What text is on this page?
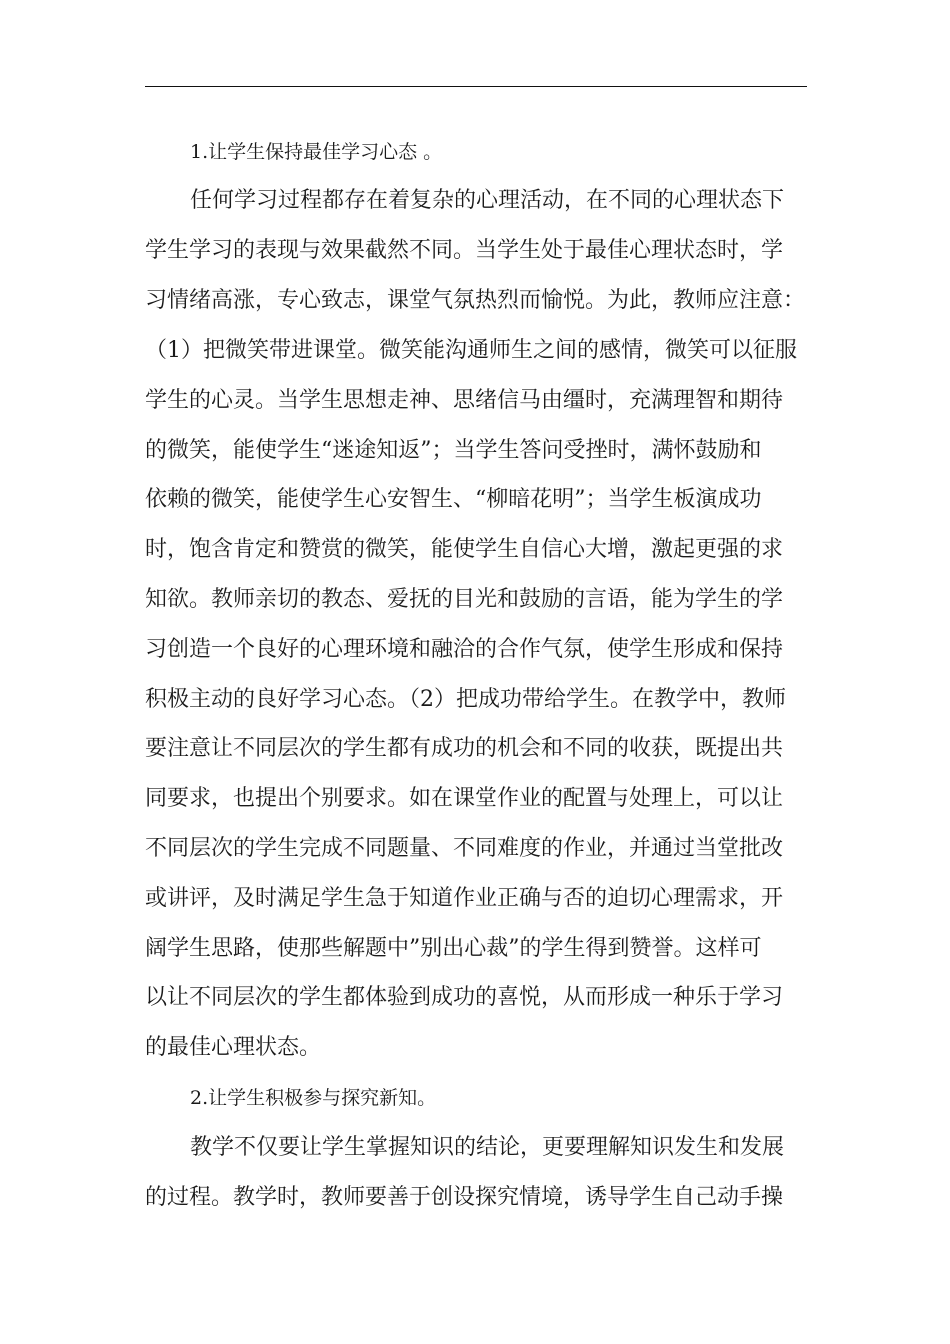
1.让学生保持最佳学习心态 。
任何学习过程都存在着复杂的心理活动，在不同的心理状态下
学生学习的表现与效果截然不同。当学生处于最佳心理状态时，学
习情绪高涨，专心致志，课堂气氛热烈而愉悦。为此，教师应注意：
（1）把微笑带进课堂。微笑能沟通师生之间的感情，微笑可以征服
学生的心灵。当学生思想走神、思绪信马由缰时，充满理智和期待
的微笑，能使学生“迷途知返”；当学生答问受挫时，满怀鼓励和
依赖的微笑，能使学生心安智生、“柳暗花明”；当学生板演成功
时，饱含肯定和赞赏的微笑，能使学生自信心大增，激起更强的求
知欲。教师亲切的教态、爱抚的目光和鼓励的言语，能为学生的学
习创造一个良好的心理环境和融洽的合作气氛，使学生形成和保持
积极主动的良好学习心态。（2）把成功带给学生。在教学中，教师
要注意让不同层次的学生都有成功的机会和不同的收获，既提出共
同要求，也提出个别要求。如在课堂作业的配置与处理上，可以让
不同层次的学生完成不同题量、不同难度的作业，并通过当堂批改
或讲评，及时满足学生急于知道作业正确与否的迫切心理需求，开
阔学生思路，使那些解题中”别出心裁”的学生得到赞誉。这样可
以让不同层次的学生都体验到成功的喜悦，从而形成一种乐于学习
的最佳心理状态。
2.让学生积极参与探究新知。
教学不仅要让学生掌握知识的结论，更要理解知识发生和发展
的过程。教学时，教师要善于创设探究情境，诱导学生自己动手操
